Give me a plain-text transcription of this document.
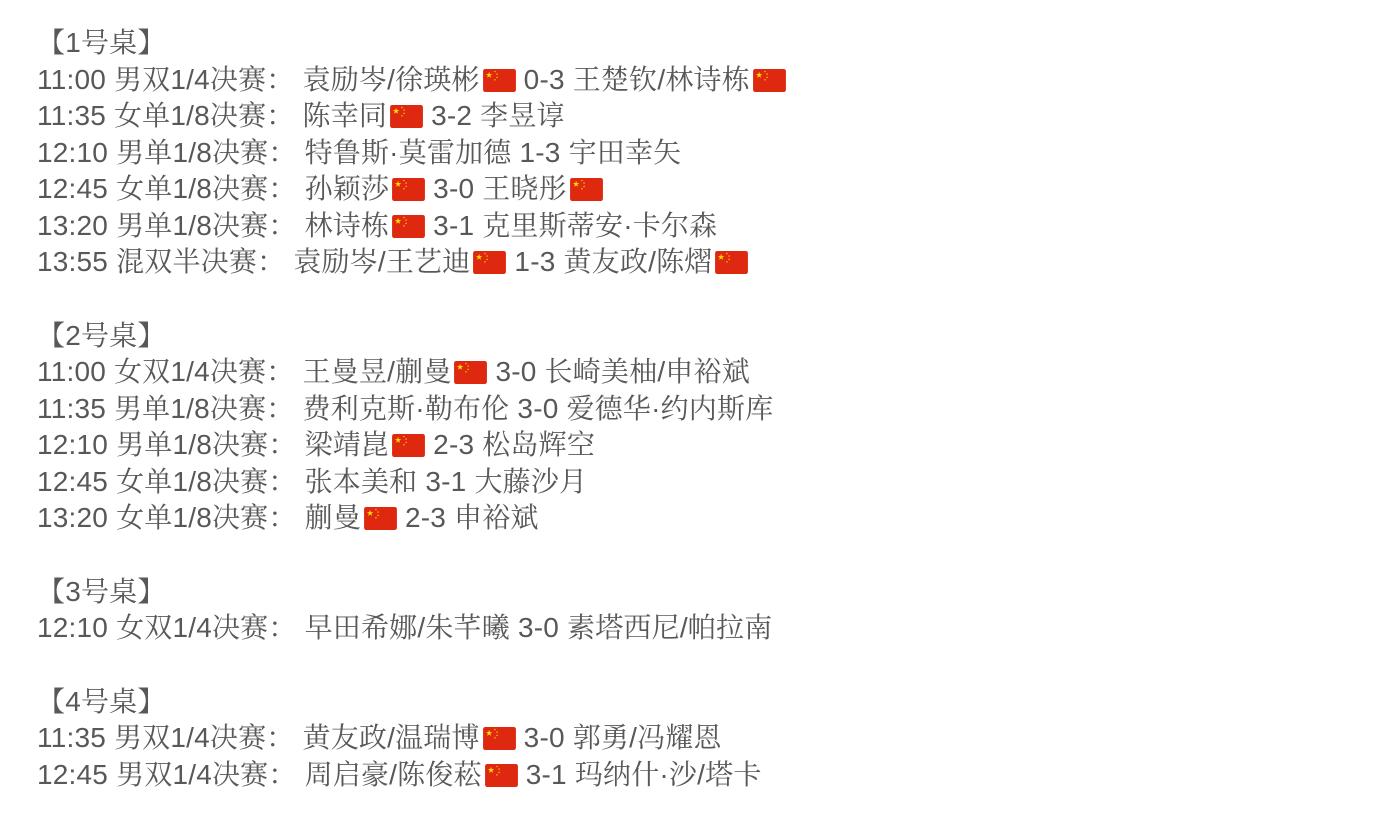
【1号桌】
11:00 男双1/4决赛： 袁励岑/徐瑛彬 0-3 王楚钦/林诗栋
11:35 女单1/8决赛： 陈幸同 3-2 李昱谆
12:10 男单1/8决赛： 特鲁斯·莫雷加德 1-3 宇田幸矢
12:45 女单1/8决赛： 孙颖莎 3-0 王晓彤
13:20 男单1/8决赛： 林诗栋 3-1 克里斯蒂安·卡尔森
13:55 混双半决赛： 袁励岑/王艺迪 1-3 黄友政/陈熠
【2号桌】
11:00 女双1/4决赛： 王曼昱/蒯曼 3-0 长崎美柚/申裕斌
11:35 男单1/8决赛： 费利克斯·勒布伦 3-0 爱德华·约内斯库
12:10 男单1/8决赛： 梁靖崑 2-3 松岛辉空
12:45 女单1/8决赛： 张本美和 3-1 大藤沙月
13:20 女单1/8决赛： 蒯曼 2-3 申裕斌
【3号桌】
12:10 女双1/4决赛： 早田希娜/朱芊曦 3-0 素塔西尼/帕拉南
【4号桌】
11:35 男双1/4决赛： 黄友政/温瑞博 3-0 郭勇/冯耀恩
12:45 男双1/4决赛： 周启豪/陈俊菘 3-1 玛纳什·沙/塔卡
